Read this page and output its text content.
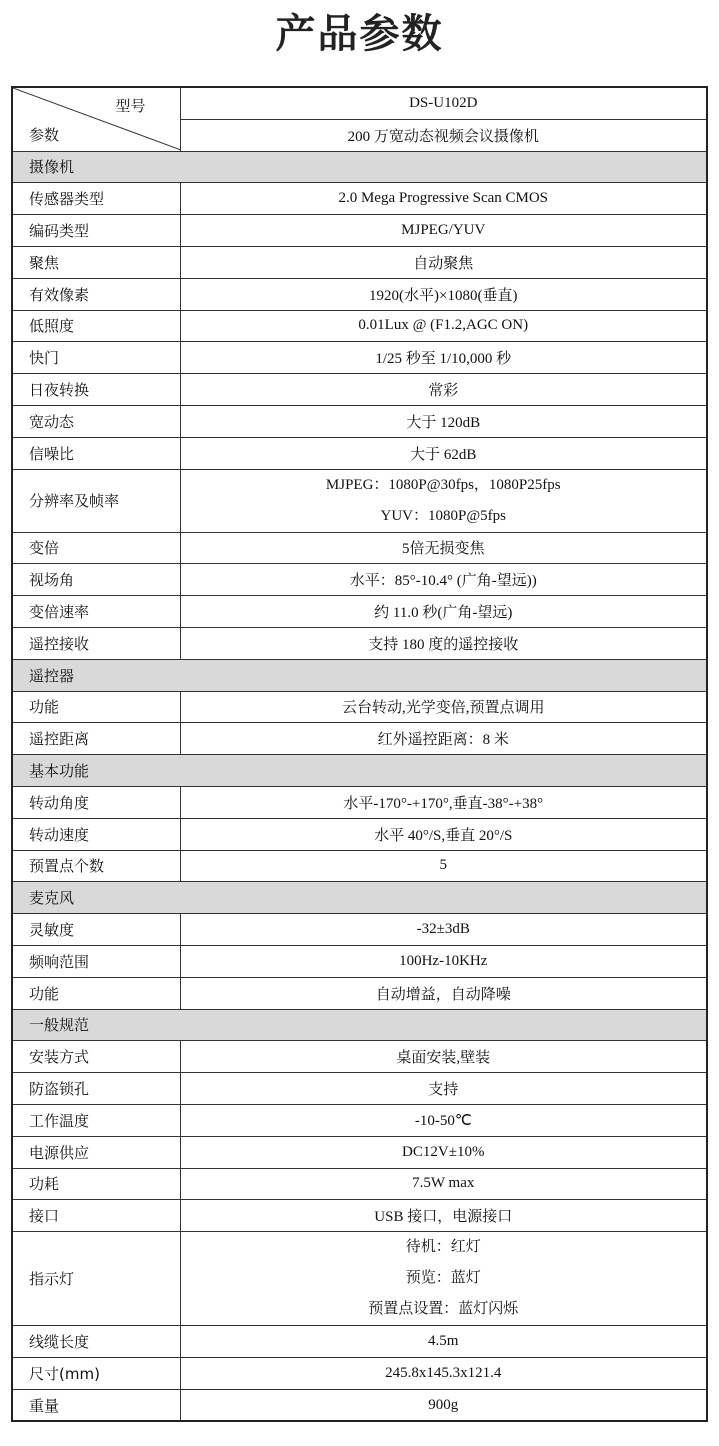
产品参数
型号
参数	DS-U102D
	200 万宽动态视频会议摄像机
摄像机	
传感器类型	2.0 Mega Progressive Scan CMOS

编码类型	MJPEG/YUV

聚焦	自动聚焦

有效像素	1920(水平)×1080(垂直)

低照度	0.01Lux @ (F1.2,AGC ON)

快门	1/25 秒至 1/10,000 秒

日夜转换	常彩

宽动态	大于 120dB

信噪比	大于 62dB

分辨率及帧率	MJPEG：1080P@30fps，1080P25fps
YUV：1080P@5fps

变倍	5倍无损变焦

视场角	水平：85°-10.4° (广角-望远))

变倍速率	约 11.0 秒(广角-望远)

遥控接收	支持 180 度的遥控接收

遥控器	
功能	云台转动,光学变倍,预置点调用

遥控距离	红外遥控距离：8 米

基本功能	
转动角度	水平-170°-+170°,垂直-38°-+38°

转动速度	水平 40°/S,垂直 20°/S

预置点个数	5

麦克风	
灵敏度	-32±3dB

频响范围	100Hz-10KHz

功能	自动增益，自动降噪

一般规范	
安装方式	桌面安装,壁装

防盗锁孔	支持

工作温度	-10-50℃

电源供应	DC12V±10%

功耗	7.5W max

接口	USB 接口，电源接口

指示灯	待机：红灯
预览：蓝灯
预置点设置：蓝灯闪烁

线缆长度	4.5m

尺寸(mm)	245.8x145.3x121.4

重量	900g
